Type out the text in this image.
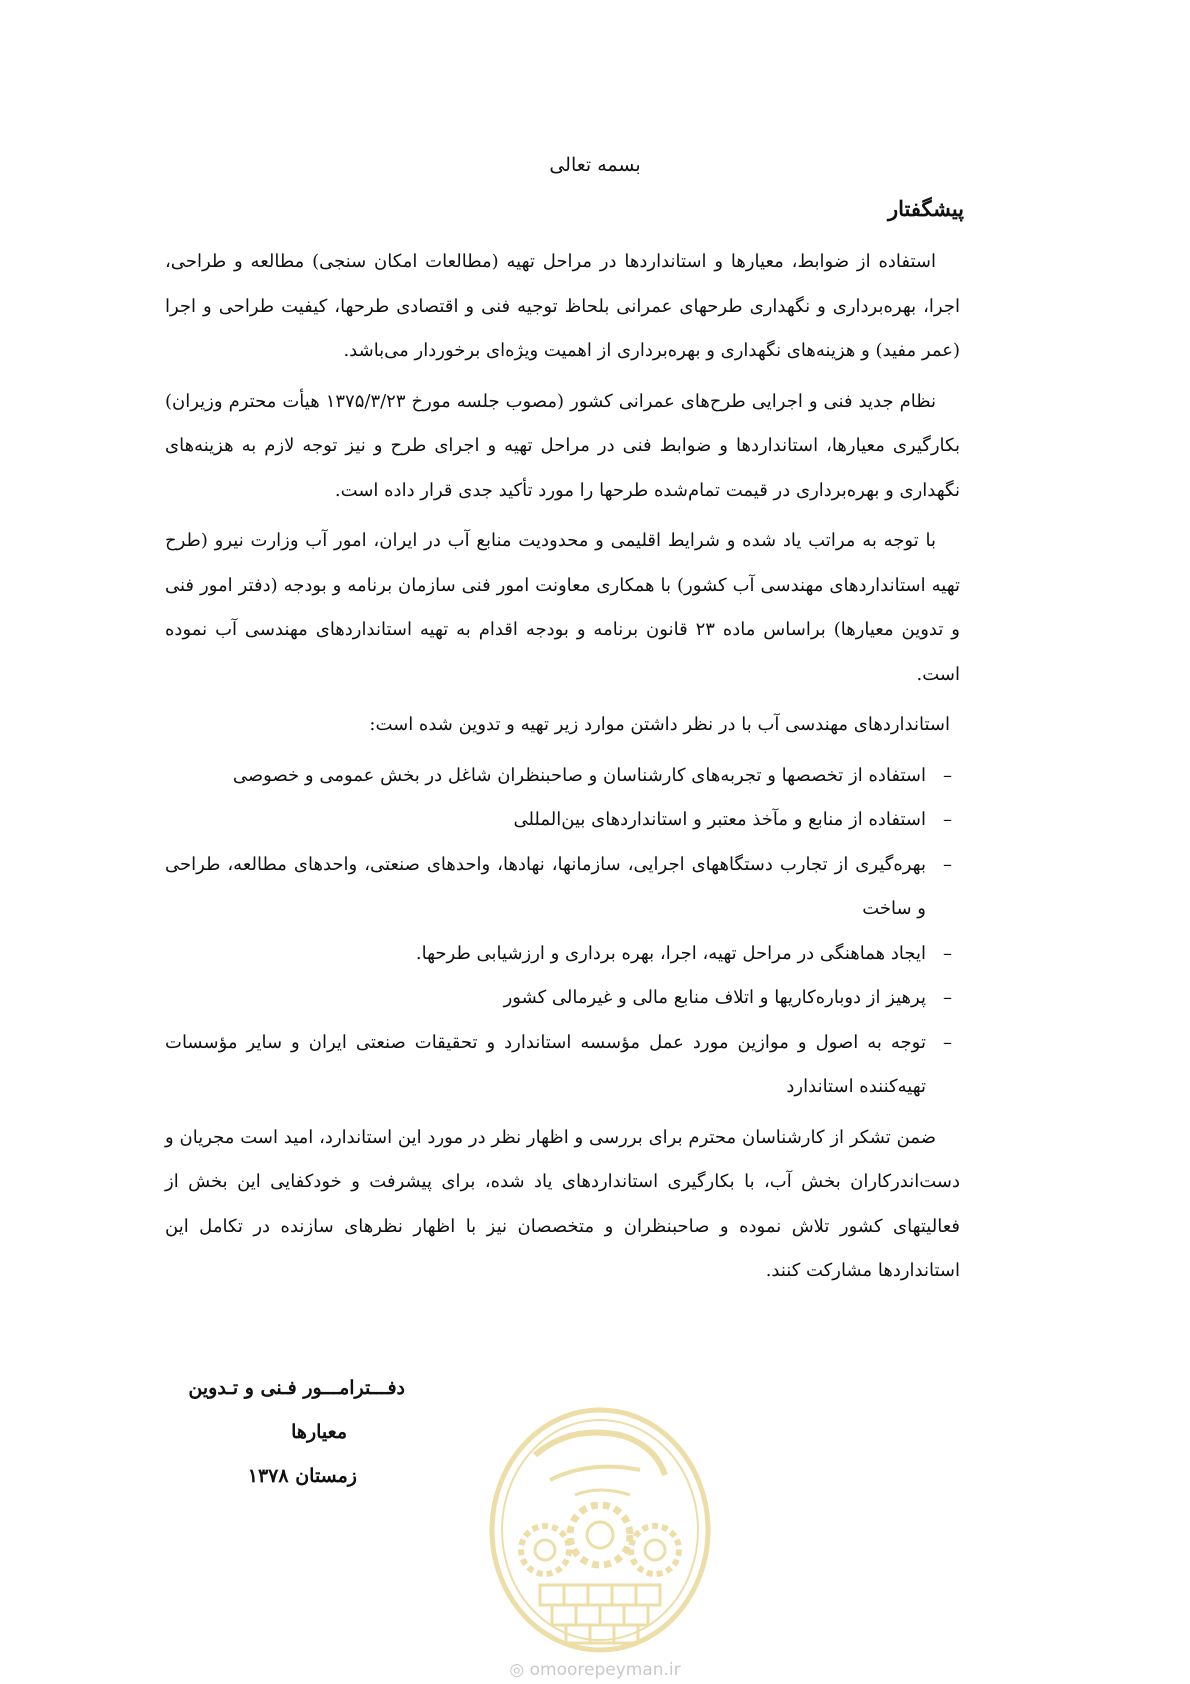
بسمه تعالی

پیشگفتار

استفاده از ضوابط، معیارها و استانداردها در مراحل تهیه (مطالعات امکان سنجی) مطالعه و طراحی، اجرا، بهره‌برداری و نگهداری طرحهای عمرانی بلحاظ توجیه فنی و اقتصادی طرحها، کیفیت طراحی و اجرا (عمر مفید) و هزینه‌های نگهداری و بهره‌برداری از اهمیت ویژه‌ای برخوردار می‌باشد.

نظام جدید فنی و اجرایی طرح‌های عمرانی کشور (مصوب جلسه مورخ ۱۳۷۵/۳/۲۳ هیأت محترم وزیران) بکارگیری معیارها، استانداردها و ضوابط فنی در مراحل تهیه و اجرای طرح و نیز توجه لازم به هزینه‌های نگهداری و بهره‌برداری در قیمت تمام‌شده طرحها را مورد تأکید جدی قرار داده است.

با توجه به مراتب یاد شده و شرایط اقلیمی و محدودیت منابع آب در ایران، امور آب وزارت نیرو (طرح تهیه استانداردهای مهندسی آب کشور) با همکاری معاونت امور فنی سازمان برنامه و بودجه (دفتر امور فنی و تدوین معیارها) براساس ماده ۲۳ قانون برنامه و بودجه اقدام به تهیه استانداردهای مهندسی آب نموده است.

استانداردهای مهندسی آب با در نظر داشتن موارد زیر تهیه و تدوین شده است:

–
استفاده از تخصصها و تجربه‌های کارشناسان و صاحبنظران شاغل در بخش عمومی و خصوصی
–
استفاده از منابع و مآخذ معتبر و استانداردهای بین‌المللی
–
بهره‌گیری از تجارب دستگاههای اجرایی، سازمانها، نهادها، واحدهای صنعتی، واحدهای مطالعه، طراحی و ساخت
–
ایجاد هماهنگی در مراحل تهیه، اجرا، بهره برداری و ارزشیابی طرحها.
–
پرهیز از دوباره‌کاریها و اتلاف منابع مالی و غیرمالی کشور
–
توجه به اصول و موازین مورد عمل مؤسسه استاندارد و تحقیقات صنعتی ایران و سایر مؤسسات تهیه‌کننده استاندارد

ضمن تشکر از کارشناسان محترم برای بررسی و اظهار نظر در مورد این استاندارد، امید است مجریان و دست‌اندرکاران بخش آب، با بکارگیری استانداردهای یاد شده، برای پیشرفت و خودکفایی این بخش از فعالیتهای کشور تلاش نموده و صاحبنظران و متخصصان نیز با اظهار نظرهای سازنده در تکامل این استانداردها مشارکت کنند.

دفـــترامـــور فـنی و تـدوین
معیارها
زمستان ۱۳۷۸
◎ omoorepeyman.ir
